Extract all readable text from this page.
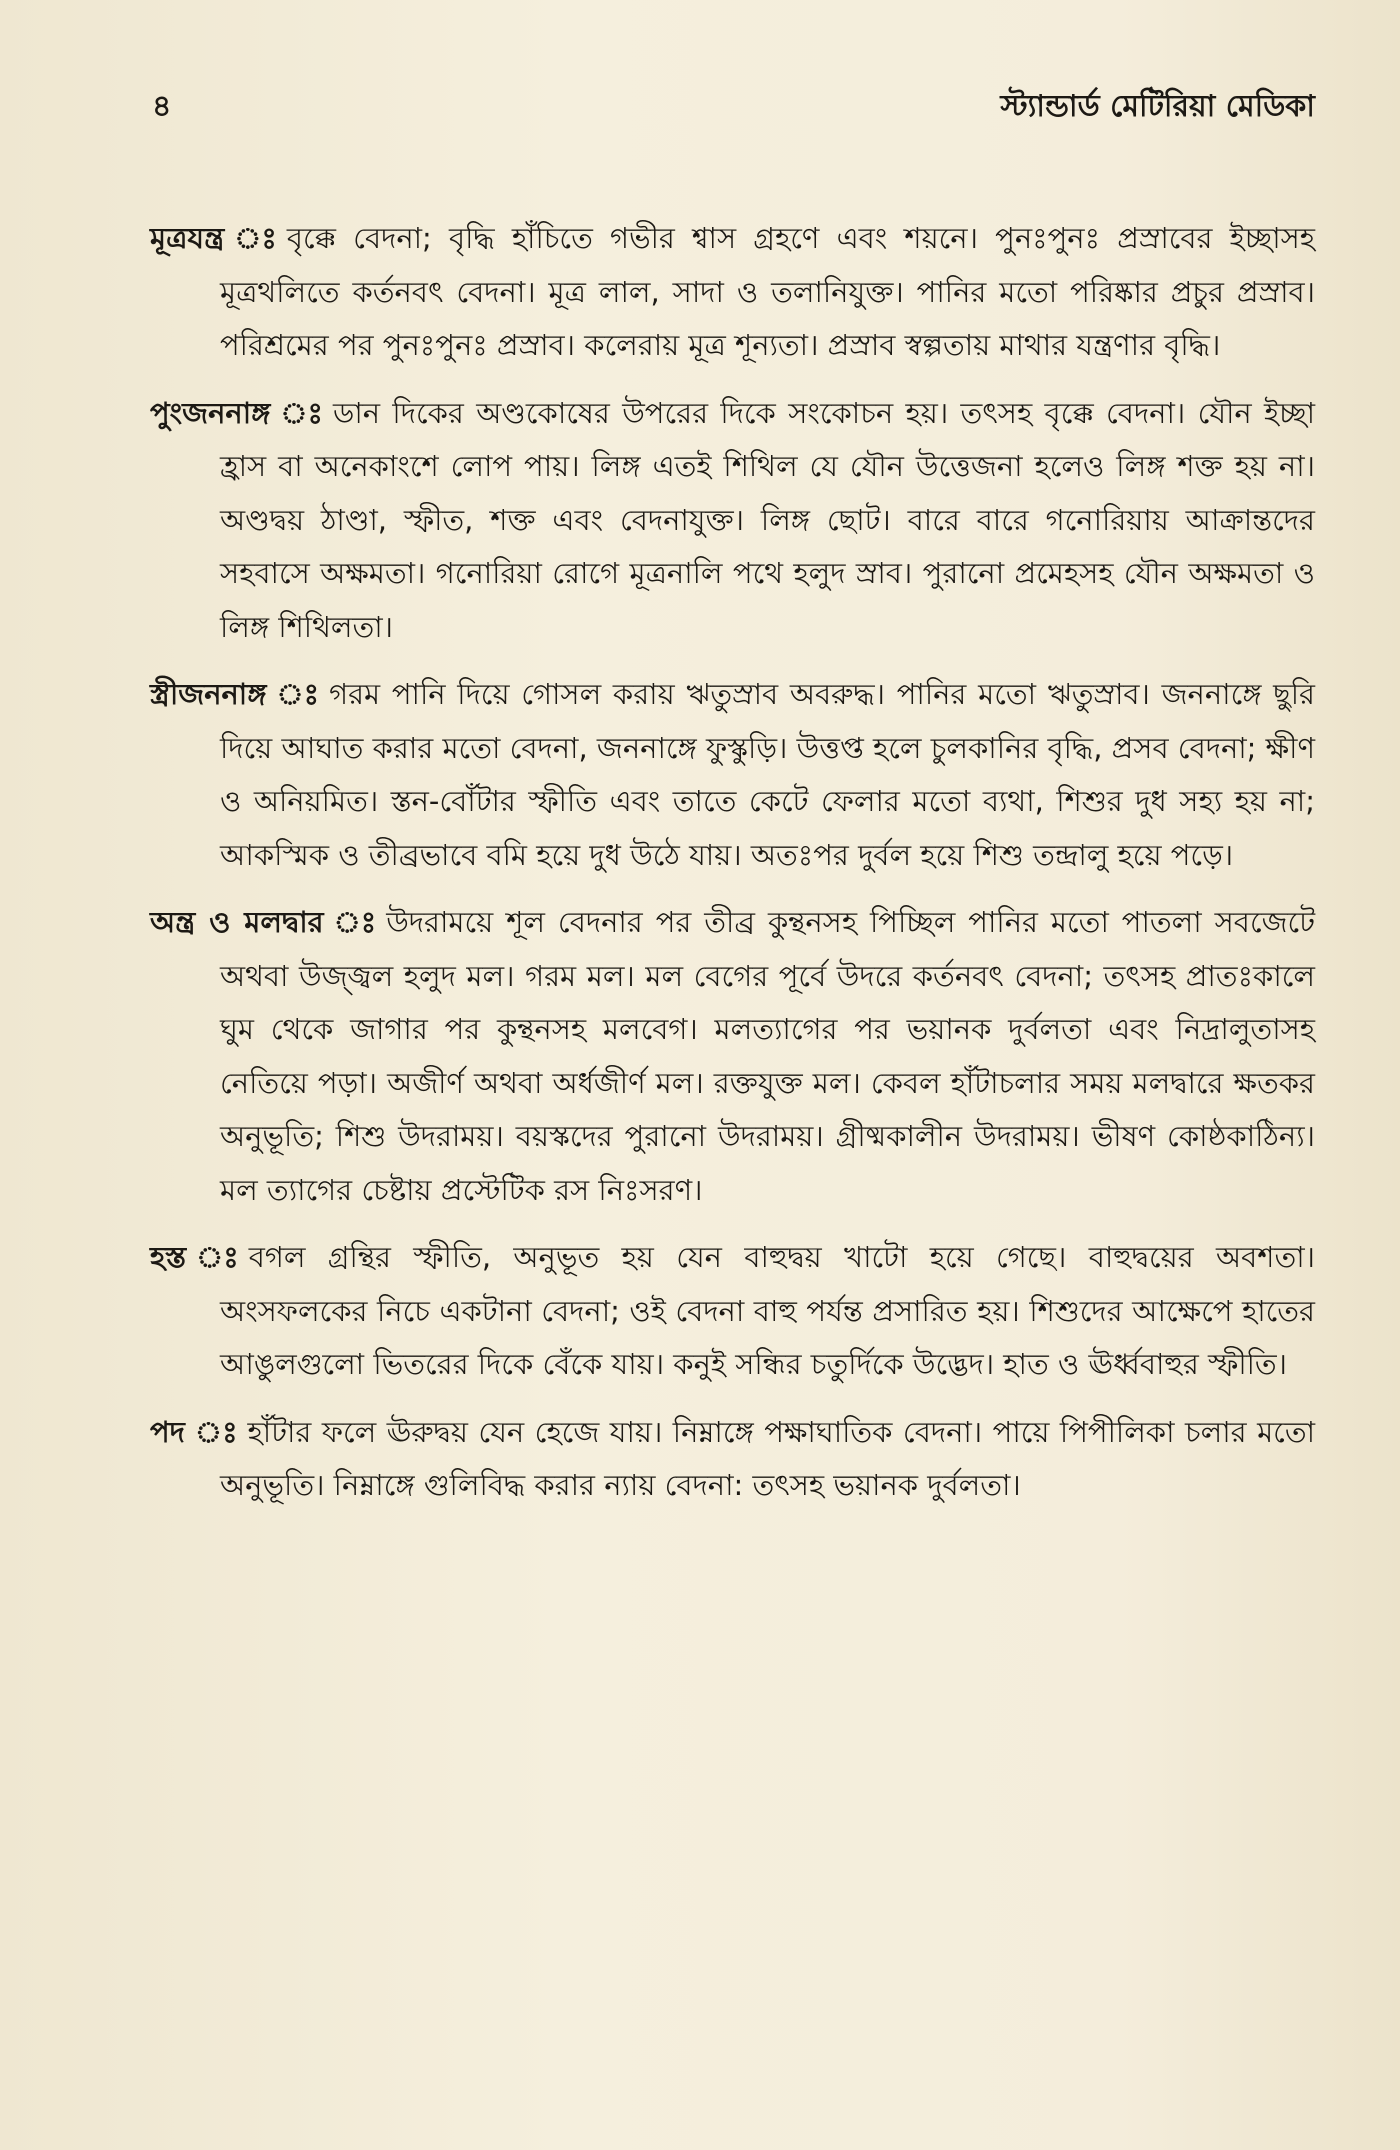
৪	স্ট্যান্ডার্ড মেটিরিয়া মেডিকা

মূত্রযন্ত্র ঃ বৃক্কে বেদনা; বৃদ্ধি হাঁচিতে গভীর শ্বাস গ্রহণে এবং শয়নে। পুনঃপুনঃ প্রস্রাবের ইচ্ছাসহ মূত্রথলিতে কর্তনবৎ বেদনা। মূত্র লাল, সাদা ও তলানিযুক্ত। পানির মতো পরিষ্কার প্রচুর প্রস্রাব। পরিশ্রমের পর পুনঃপুনঃ প্রস্রাব। কলেরায় মূত্র শূন্যতা। প্রস্রাব স্বল্পতায় মাথার যন্ত্রণার বৃদ্ধি।

পুংজননাঙ্গ ঃ ডান দিকের অণ্ডকোষের উপরের দিকে সংকোচন হয়। তৎসহ বৃক্কে বেদনা। যৌন ইচ্ছা হ্রাস বা অনেকাংশে লোপ পায়। লিঙ্গ এতই শিথিল যে যৌন উত্তেজনা হলেও লিঙ্গ শক্ত হয় না। অণ্ডদ্বয় ঠাণ্ডা, স্ফীত, শক্ত এবং বেদনাযুক্ত। লিঙ্গ ছোট। বারে বারে গনোরিয়ায় আক্রান্তদের সহবাসে অক্ষমতা। গনোরিয়া রোগে মূত্রনালি পথে হলুদ স্রাব। পুরানো প্রমেহসহ যৌন অক্ষমতা ও লিঙ্গ শিথিলতা।

স্ত্রীজননাঙ্গ ঃ গরম পানি দিয়ে গোসল করায় ঋতুস্রাব অবরুদ্ধ। পানির মতো ঋতুস্রাব। জননাঙ্গে ছুরি দিয়ে আঘাত করার মতো বেদনা, জননাঙ্গে ফুস্কুড়ি। উত্তপ্ত হলে চুলকানির বৃদ্ধি, প্রসব বেদনা; ক্ষীণ ও অনিয়মিত। স্তন-বোঁটার স্ফীতি এবং তাতে কেটে ফেলার মতো ব্যথা, শিশুর দুধ সহ্য হয় না; আকস্মিক ও তীব্রভাবে বমি হয়ে দুধ উঠে যায়। অতঃপর দুর্বল হয়ে শিশু তন্দ্রালু হয়ে পড়ে।

অন্ত্র ও মলদ্বার ঃ উদরাময়ে শূল বেদনার পর তীব্র কুন্থনসহ পিচ্ছিল পানির মতো পাতলা সবজেটে অথবা উজ্জ্বল হলুদ মল। গরম মল। মল বেগের পূর্বে উদরে কর্তনবৎ বেদনা; তৎসহ প্রাতঃকালে ঘুম থেকে জাগার পর কুন্থনসহ মলবেগ। মলত্যাগের পর ভয়ানক দুর্বলতা এবং নিদ্রালুতাসহ নেতিয়ে পড়া। অজীর্ণ অথবা অর্ধজীর্ণ মল। রক্তযুক্ত মল। কেবল হাঁটাচলার সময় মলদ্বারে ক্ষতকর অনুভূতি; শিশু উদরাময়। বয়স্কদের পুরানো উদরাময়। গ্রীষ্মকালীন উদরাময়। ভীষণ কোষ্ঠকাঠিন্য। মল ত্যাগের চেষ্টায় প্রস্টেটিক রস নিঃসরণ।

হস্ত ঃ বগল গ্রন্থির স্ফীতি, অনুভূত হয় যেন বাহুদ্বয় খাটো হয়ে গেছে। বাহুদ্বয়ের অবশতা। অংসফলকের নিচে একটানা বেদনা; ওই বেদনা বাহু পর্যন্ত প্রসারিত হয়। শিশুদের আক্ষেপে হাতের আঙুলগুলো ভিতরের দিকে বেঁকে যায়। কনুই সন্ধির চতুর্দিকে উদ্ভেদ। হাত ও ঊর্ধ্ববাহুর স্ফীতি।

পদ ঃ হাঁটার ফলে ঊরুদ্বয় যেন হেজে যায়। নিম্নাঙ্গে পক্ষাঘাতিক বেদনা। পায়ে পিপীলিকা চলার মতো অনুভূতি। নিম্নাঙ্গে গুলিবিদ্ধ করার ন্যায় বেদনা: তৎসহ ভয়ানক দুর্বলতা।
